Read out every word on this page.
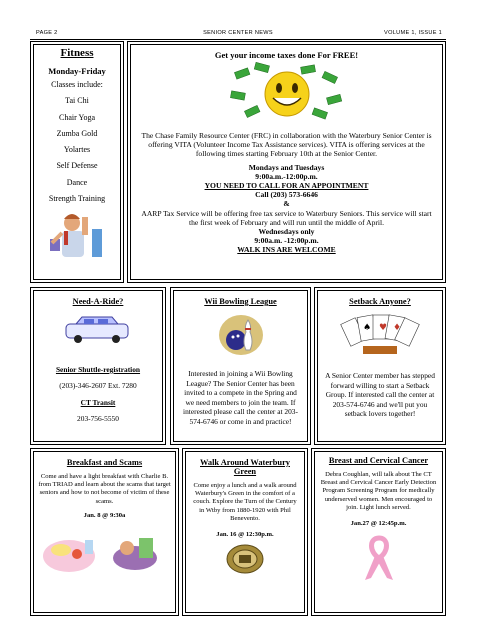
PAGE 2	SENIOR CENTER NEWS	VOLUME 1, ISSUE 1
Fitness
Monday-Friday
Classes include:
Tai Chi
Chair Yoga
Zumba Gold
Yolartes
Self Defense
Dance
Strength Training
Get your income taxes done For FREE!
The Chase Family Resource Center (FRC) in collaboration with the Waterbury Senior Center is offering VITA (Volunteer Income Tax Assistance services). VITA is offering services at the following times starting February 10th at the Senior Center.
Mondays and Tuesdays
9:00a.m.-12:00p.m.
YOU NEED TO CALL FOR AN APPOINTMENT
Call (203) 573-6646
&
AARP Tax Service will be offering free tax service to Waterbury Seniors. This service will start the first week of February and will run until the middle of April.
Wednesdays only
9:00a.m. -12:00p.m.
WALK INS ARE WELCOME
Need-A-Ride?
Senior Shuttle-registration
(203)-346-2607 Ext. 7280
CT Transit
203-756-5550
Wii Bowling League
Interested in joining a Wii Bowling League? The Senior Center has been invited to a compete in the Spring and we need members to join the team. If interested please call the center at 203-574-6746 or come in and practice!
Setback Anyone?
♥
♠ ♦
A Senior Center member has stepped forward willing to start a Setback Group. If interested call the center at 203-574-6746 and we'll put you setback lovers together!
Breakfast and Scams
Come and have a light breakfast with Charlie B. from TRIAD and learn about the scams that target seniors and how to not become of victim of these scams.
Jan. 8 @ 9:30a
Walk Around Waterbury Green
Come enjoy a lunch and a walk around Waterbury's Green in the comfort of a couch. Explore the Turn of the Century in Wtby from 1880-1920 with Phil Benevento.
Jan. 16 @ 12:30p.m.
Breast and Cervical Cancer
Debra Coughlan, will talk about The CT Breast and Cervical Cancer Early Detection Program Screening Program for medically underserved women. Men encouraged to join. Light lunch served.
Jan.27 @ 12:45p.m.
